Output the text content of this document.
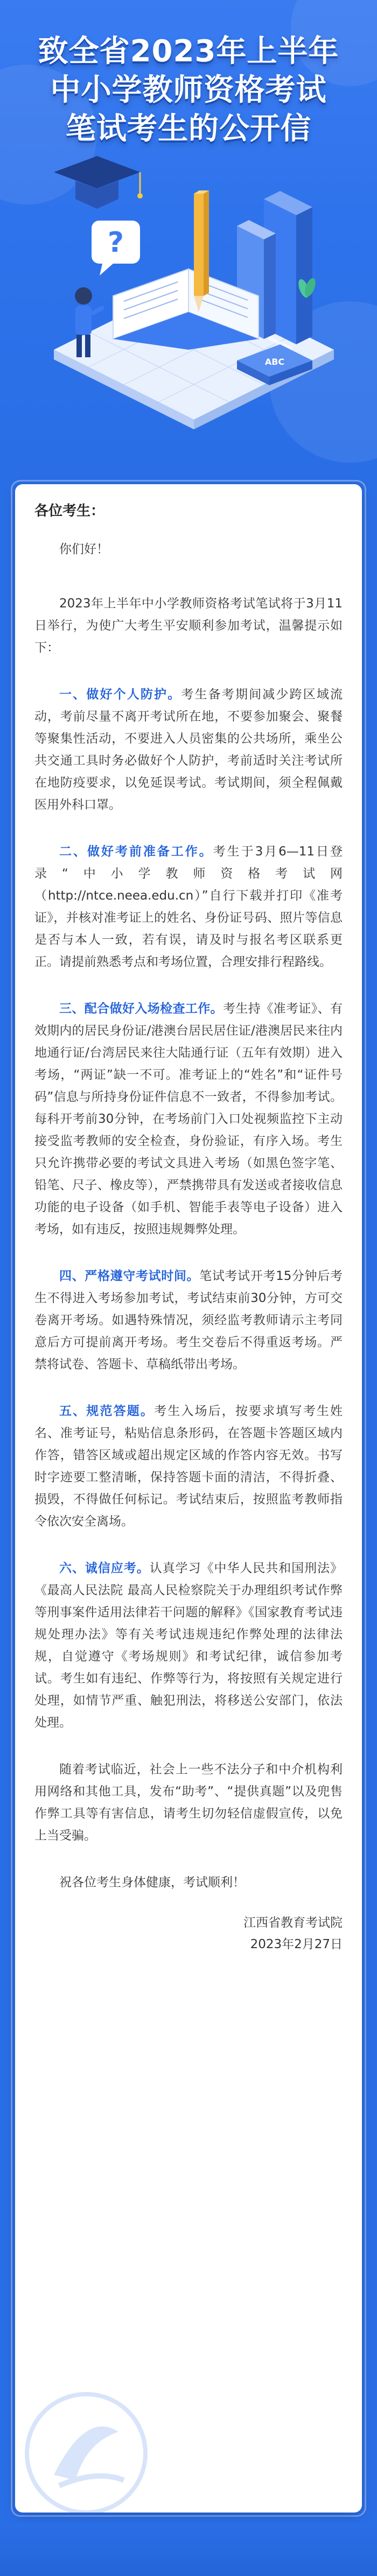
致全省2023年上半年
中小学教师资格考试
笔试考生的公开信
?
ABC

各位考生：

你们好！

2023年上半年中小学教师资格考试笔试将于3月11日举行，为使广大考生平安顺利参加考试，温馨提示如下：

一、做好个人防护。考生备考期间减少跨区域流动，考前尽量不离开考试所在地，不要参加聚会、聚餐等聚集性活动，不要进入人员密集的公共场所，乘坐公共交通工具时务必做好个人防护，考前适时关注考试所在地防疫要求，以免延误考试。考试期间，须全程佩戴医用外科口罩。

二、做好考前准备工作。考生于3月6—11日登录“中小学教师资格考试网（http://ntce.neea.edu.cn）”自行下载并打印《准考证》，并核对准考证上的姓名、身份证号码、照片等信息是否与本人一致，若有误，请及时与报名考区联系更正。请提前熟悉考点和考场位置，合理安排行程路线。

三、配合做好入场检查工作。考生持《准考证》、有效期内的居民身份证/港澳台居民居住证/港澳居民来往内地通行证/台湾居民来往大陆通行证（五年有效期）进入考场，“两证”缺一不可。准考证上的“姓名”和“证件号码”信息与所持身份证件信息不一致者，不得参加考试。每科开考前30分钟，在考场前门入口处视频监控下主动接受监考教师的安全检查，身份验证，有序入场。考生只允许携带必要的考试文具进入考场（如黑色签字笔、铅笔、尺子、橡皮等），严禁携带具有发送或者接收信息功能的电子设备（如手机、智能手表等电子设备）进入考场，如有违反，按照违规舞弊处理。

四、严格遵守考试时间。笔试考试开考15分钟后考生不得进入考场参加考试，考试结束前30分钟，方可交卷离开考场。如遇特殊情况，须经监考教师请示主考同意后方可提前离开考场。考生交卷后不得重返考场。严禁将试卷、答题卡、草稿纸带出考场。

五、规范答题。考生入场后，按要求填写考生姓名、准考证号，粘贴信息条形码，在答题卡答题区域内作答，错答区域或超出规定区域的作答内容无效。书写时字迹要工整清晰，保持答题卡面的清洁，不得折叠、损毁，不得做任何标记。考试结束后，按照监考教师指令依次安全离场。

六、诚信应考。认真学习《中华人民共和国刑法》《最高人民法院 最高人民检察院关于办理组织考试作弊等刑事案件适用法律若干问题的解释》《国家教育考试违规处理办法》等有关考试违规违纪作弊处理的法律法规，自觉遵守《考场规则》和考试纪律，诚信参加考试。考生如有违纪、作弊等行为，将按照有关规定进行处理，如情节严重、触犯刑法，将移送公安部门，依法处理。

随着考试临近，社会上一些不法分子和中介机构利用网络和其他工具，发布“助考”、“提供真题”以及兜售作弊工具等有害信息，请考生切勿轻信虚假宣传，以免上当受骗。

祝各位考生身体健康，考试顺利！

江西省教育考试院
2023年2月27日
